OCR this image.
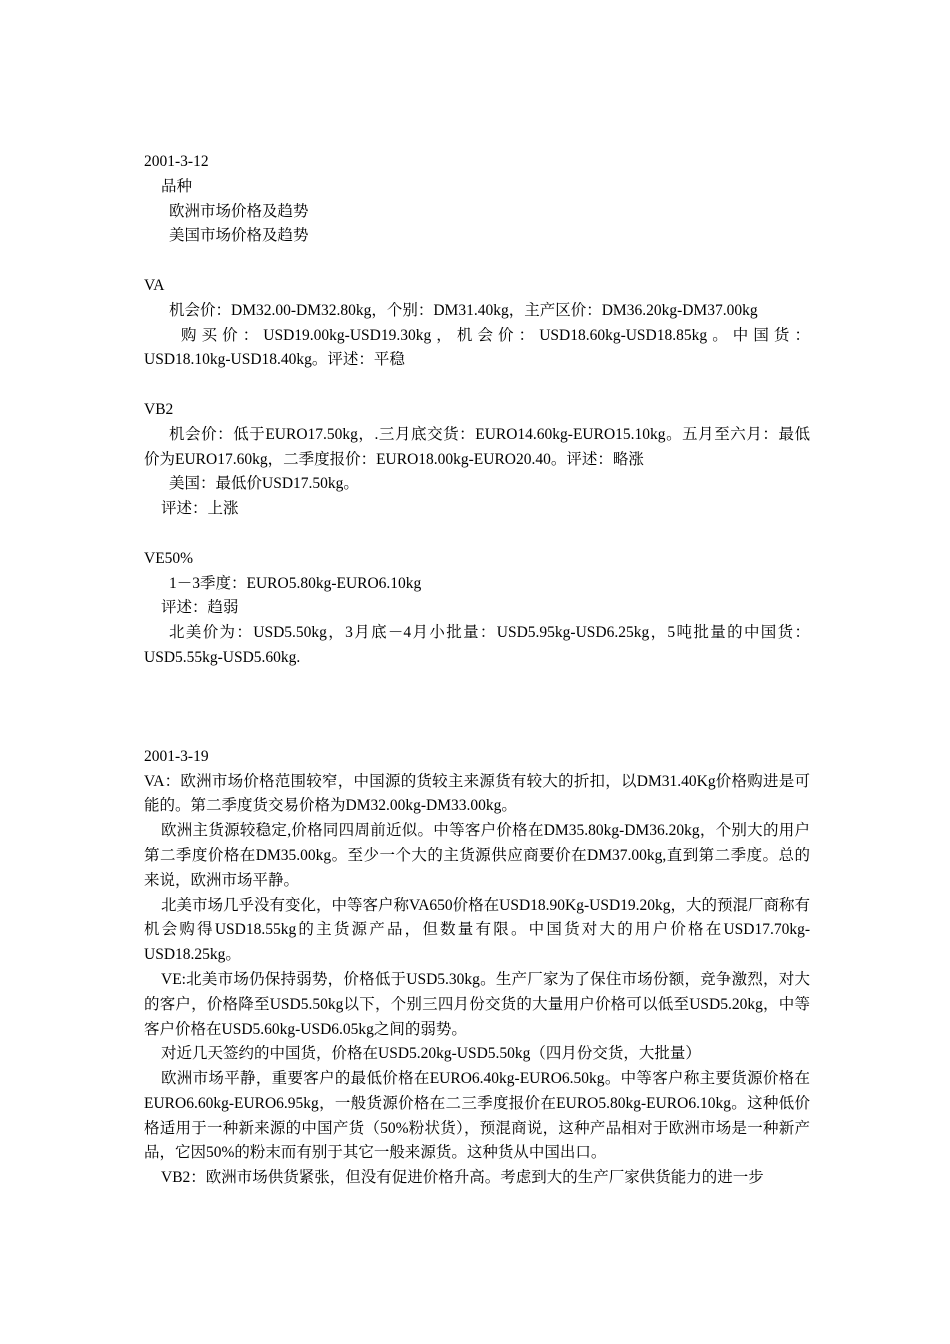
2001-3-12
品种
欧洲市场价格及趋势
美国市场价格及趋势
VA
机会价：DM32.00-DM32.80kg，个别：DM31.40kg，主产区价：DM36.20kg-DM37.00kg
购买价：USD19.00kg-USD19.30kg，机会价：USD18.60kg-USD18.85kg。中国货：USD18.10kg-USD18.40kg。评述：平稳
VB2
机会价：低于EURO17.50kg，.三月底交货：EURO14.60kg-EURO15.10kg。五月至六月：最低价为EURO17.60kg，二季度报价：EURO18.00kg-EURO20.40。评述：略涨
美国：最低价USD17.50kg。
评述：上涨
VE50%
1－3季度：EURO5.80kg-EURO6.10kg
评述：趋弱
北美价为：USD5.50kg，3月底－4月小批量：USD5.95kg-USD6.25kg，5吨批量的中国货：USD5.55kg-USD5.60kg.
2001-3-19
VA：欧洲市场价格范围较窄，中国源的货较主来源货有较大的折扣，以DM31.40Kg价格购进是可能的。第二季度货交易价格为DM32.00kg-DM33.00kg。
欧洲主货源较稳定,价格同四周前近似。中等客户价格在DM35.80kg-DM36.20kg，个别大的用户第二季度价格在DM35.00kg。至少一个大的主货源供应商要价在DM37.00kg,直到第二季度。总的来说，欧洲市场平静。
北美市场几乎没有变化，中等客户称VA650价格在USD18.90Kg-USD19.20kg，大的预混厂商称有机会购得USD18.55kg的主货源产品，但数量有限。中国货对大的用户价格在USD17.70kg-USD18.25kg。
VE:北美市场仍保持弱势，价格低于USD5.30kg。生产厂家为了保住市场份额，竞争激烈，对大的客户，价格降至USD5.50kg以下，个别三四月份交货的大量用户价格可以低至USD5.20kg，中等客户价格在USD5.60kg-USD6.05kg之间的弱势。
对近几天签约的中国货，价格在USD5.20kg-USD5.50kg（四月份交货，大批量）
欧洲市场平静，重要客户的最低价格在EURO6.40kg-EURO6.50kg。中等客户称主要货源价格在EURO6.60kg-EURO6.95kg，一般货源价格在二三季度报价在EURO5.80kg-EURO6.10kg。这种低价格适用于一种新来源的中国产货（50%粉状货），预混商说，这种产品相对于欧洲市场是一种新产品，它因50%的粉末而有别于其它一般来源货。这种货从中国出口。
VB2：欧洲市场供货紧张，但没有促进价格升高。考虑到大的生产厂家供货能力的进一步
